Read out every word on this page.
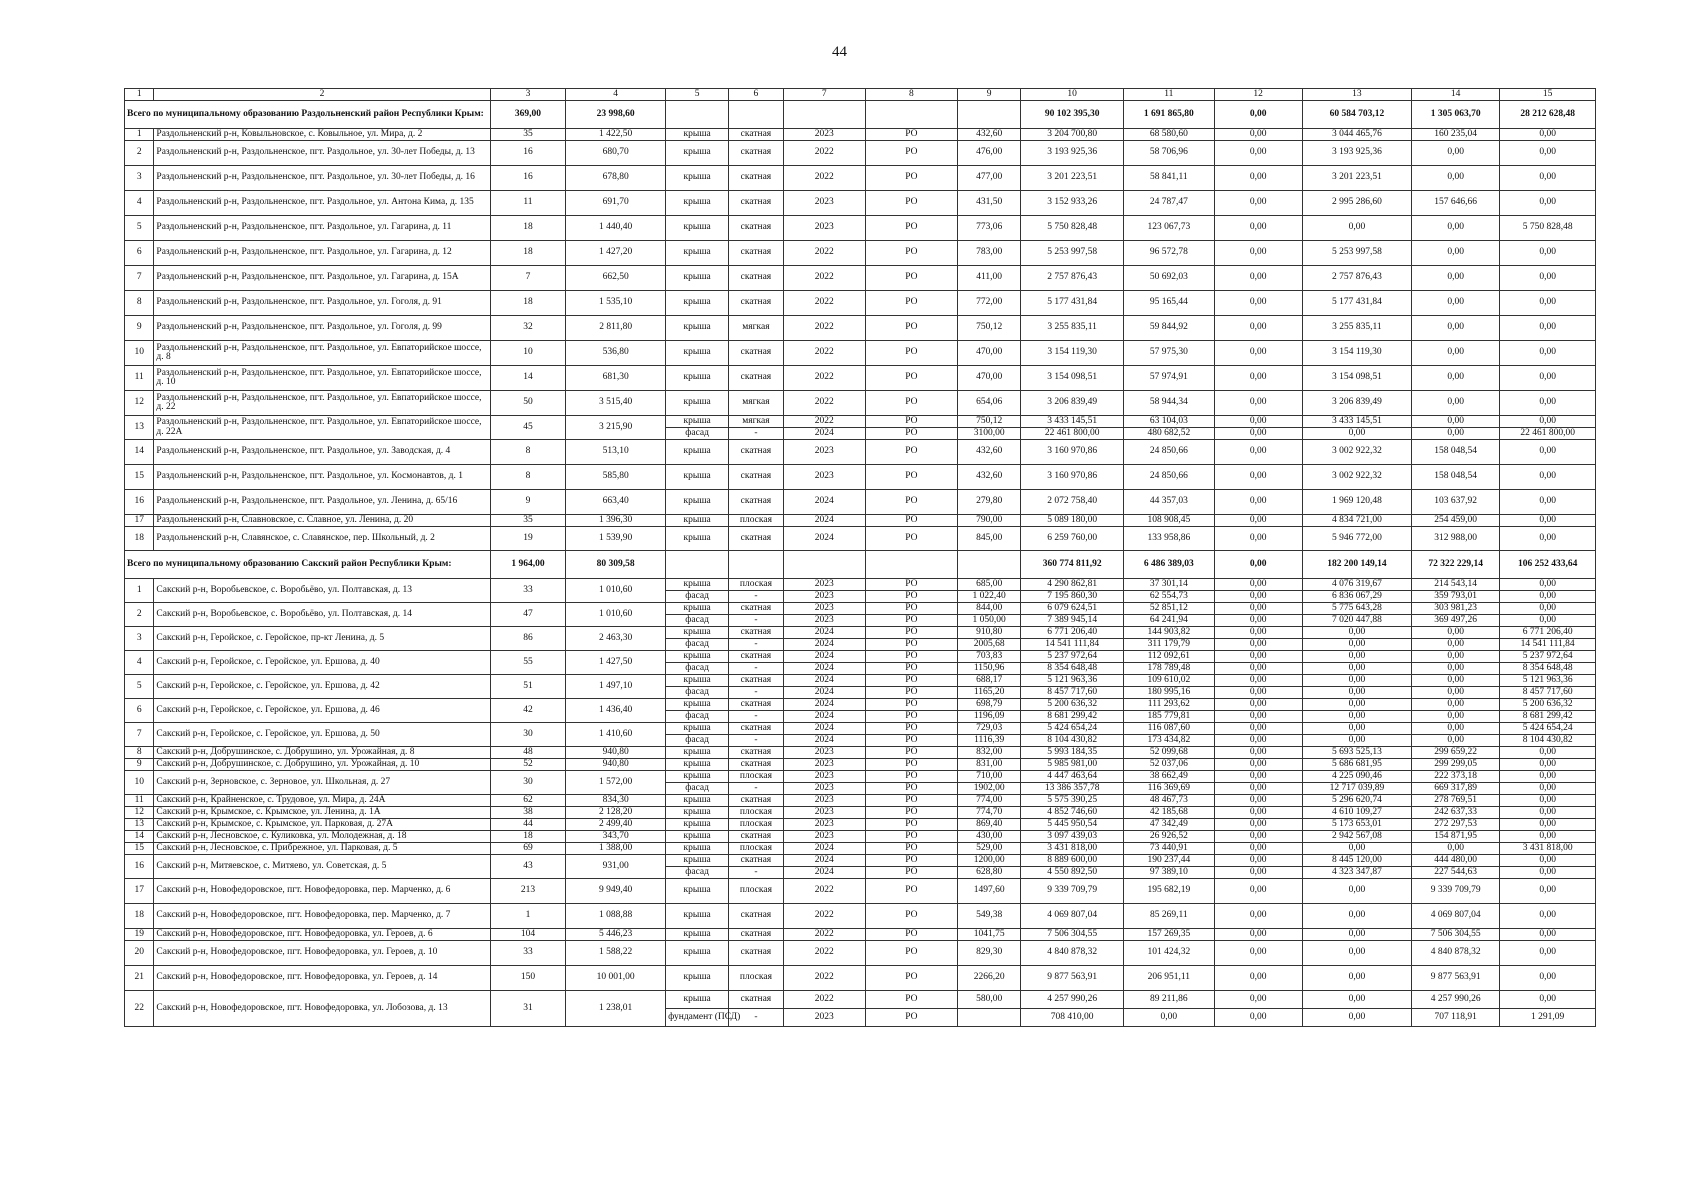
44
1	2	3	4	5	6	7	8	9	10	11	12	13	14	15
Всего по муниципальному образованию Раздольненский район Республики Крым:		369,00	23 998,60						90 102 395,30	1 691 865,80	0,00	60 584 703,12	1 305 063,70	28 212 628,48
1	Раздольненский р-н, Ковыльновское, с. Ковыльное, ул. Мира, д. 2	35	1 422,50	крыша	скатная	2023	РО	432,60	3 204 700,80	68 580,60	0,00	3 044 465,76	160 235,04	0,00
2	Раздольненский р-н, Раздольненское, пгт. Раздольное, ул. 30-лет Победы, д. 13	16	680,70	крыша	скатная	2022	РО	476,00	3 193 925,36	58 706,96	0,00	3 193 925,36	0,00	0,00
3	Раздольненский р-н, Раздольненское, пгт. Раздольное, ул. 30-лет Победы, д. 16	16	678,80	крыша	скатная	2022	РО	477,00	3 201 223,51	58 841,11	0,00	3 201 223,51	0,00	0,00
4	Раздольненский р-н, Раздольненское, пгт. Раздольное, ул. Антона Кима, д. 135	11	691,70	крыша	скатная	2023	РО	431,50	3 152 933,26	24 787,47	0,00	2 995 286,60	157 646,66	0,00
5	Раздольненский р-н, Раздольненское, пгт. Раздольное, ул. Гагарина, д. 11	18	1 440,40	крыша	скатная	2023	РО	773,06	5 750 828,48	123 067,73	0,00	0,00	0,00	5 750 828,48
6	Раздольненский р-н, Раздольненское, пгт. Раздольное, ул. Гагарина, д. 12	18	1 427,20	крыша	скатная	2022	РО	783,00	5 253 997,58	96 572,78	0,00	5 253 997,58	0,00	0,00
7	Раздольненский р-н, Раздольненское, пгт. Раздольное, ул. Гагарина, д. 15А	7	662,50	крыша	скатная	2022	РО	411,00	2 757 876,43	50 692,03	0,00	2 757 876,43	0,00	0,00
8	Раздольненский р-н, Раздольненское, пгт. Раздольное, ул. Гоголя, д. 91	18	1 535,10	крыша	скатная	2022	РО	772,00	5 177 431,84	95 165,44	0,00	5 177 431,84	0,00	0,00
9	Раздольненский р-н, Раздольненское, пгт. Раздольное, ул. Гоголя, д. 99	32	2 811,80	крыша	мягкая	2022	РО	750,12	3 255 835,11	59 844,92	0,00	3 255 835,11	0,00	0,00
10	Раздольненский р-н, Раздольненское, пгт. Раздольное, ул. Евпаторийское шоссе, д. 8	10	536,80	крыша	скатная	2022	РО	470,00	3 154 119,30	57 975,30	0,00	3 154 119,30	0,00	0,00
11	Раздольненский р-н, Раздольненское, пгт. Раздольное, ул. Евпаторийское шоссе, д. 10	14	681,30	крыша	скатная	2022	РО	470,00	3 154 098,51	57 974,91	0,00	3 154 098,51	0,00	0,00
12	Раздольненский р-н, Раздольненское, пгт. Раздольное, ул. Евпаторийское шоссе, д. 22	50	3 515,40	крыша	мягкая	2022	РО	654,06	3 206 839,49	58 944,34	0,00	3 206 839,49	0,00	0,00
13	Раздольненский р-н, Раздольненское, пгт. Раздольное, ул. Евпаторийское шоссе, д. 22А	45	3 215,90	крыша	мягкая	2022	РО	750,12	3 433 145,51	63 104,03	0,00	3 433 145,51	0,00	0,00
				фасад	-	2024	РО	3100,00	22 461 800,00	480 682,52	0,00	0,00	0,00	22 461 800,00
14	Раздольненский р-н, Раздольненское, пгт. Раздольное, ул. Заводская, д. 4	8	513,10	крыша	скатная	2023	РО	432,60	3 160 970,86	24 850,66	0,00	3 002 922,32	158 048,54	0,00
15	Раздольненский р-н, Раздольненское, пгт. Раздольное, ул. Космонавтов, д. 1	8	585,80	крыша	скатная	2023	РО	432,60	3 160 970,86	24 850,66	0,00	3 002 922,32	158 048,54	0,00
16	Раздольненский р-н, Раздольненское, пгт. Раздольное, ул. Ленина, д. 65/16	9	663,40	крыша	скатная	2024	РО	279,80	2 072 758,40	44 357,03	0,00	1 969 120,48	103 637,92	0,00
17	Раздольненский р-н, Славновское, с. Славное, ул. Ленина, д. 20	35	1 396,30	крыша	плоская	2024	РО	790,00	5 089 180,00	108 908,45	0,00	4 834 721,00	254 459,00	0,00
18	Раздольненский р-н, Славянское, с. Славянское, пер. Школьный, д. 2	19	1 539,90	крыша	скатная	2024	РО	845,00	6 259 760,00	133 958,86	0,00	5 946 772,00	312 988,00	0,00
Всего по муниципальному образованию Сакский район Республики Крым:		1 964,00	80 309,58						360 774 811,92	6 486 389,03	0,00	182 200 149,14	72 322 229,14	106 252 433,64
1	Сакский р-н, Воробьевское, с. Воробьёво, ул. Полтавская, д. 13	33	1 010,60	крыша	плоская	2023	РО	685,00	4 290 862,81	37 301,14	0,00	4 076 319,67	214 543,14	0,00
				фасад	-	2023	РО	1 022,40	7 195 860,30	62 554,73	0,00	6 836 067,29	359 793,01	0,00
2	Сакский р-н, Воробьевское, с. Воробьёво, ул. Полтавская, д. 14	47	1 010,60	крыша	скатная	2023	РО	844,00	6 079 624,51	52 851,12	0,00	5 775 643,28	303 981,23	0,00
				фасад	-	2023	РО	1 050,00	7 389 945,14	64 241,94	0,00	7 020 447,88	369 497,26	0,00
3	Сакский р-н, Геройское, с. Геройское, пр-кт Ленина, д. 5	86	2 463,30	крыша	скатная	2024	РО	910,80	6 771 206,40	144 903,82	0,00	0,00	0,00	6 771 206,40
				фасад	-	2024	РО	2005,68	14 541 111,84	311 179,79	0,00	0,00	0,00	14 541 111,84
4	Сакский р-н, Геройское, с. Геройское, ул. Ершова, д. 40	55	1 427,50	крыша	скатная	2024	РО	703,83	5 237 972,64	112 092,61	0,00	0,00	0,00	5 237 972,64
				фасад	-	2024	РО	1150,96	8 354 648,48	178 789,48	0,00	0,00	0,00	8 354 648,48
5	Сакский р-н, Геройское, с. Геройское, ул. Ершова, д. 42	51	1 497,10	крыша	скатная	2024	РО	688,17	5 121 963,36	109 610,02	0,00	0,00	0,00	5 121 963,36
				фасад	-	2024	РО	1165,20	8 457 717,60	180 995,16	0,00	0,00	0,00	8 457 717,60
6	Сакский р-н, Геройское, с. Геройское, ул. Ершова, д. 46	42	1 436,40	крыша	скатная	2024	РО	698,79	5 200 636,32	111 293,62	0,00	0,00	0,00	5 200 636,32
				фасад	-	2024	РО	1196,09	8 681 299,42	185 779,81	0,00	0,00	0,00	8 681 299,42
7	Сакский р-н, Геройское, с. Геройское, ул. Ершова, д. 50	30	1 410,60	крыша	скатная	2024	РО	729,03	5 424 654,24	116 087,60	0,00	0,00	0,00	5 424 654,24
				фасад	-	2024	РО	1116,39	8 104 430,82	173 434,82	0,00	0,00	0,00	8 104 430,82
8	Сакский р-н, Добрушинское, с. Добрушино, ул. Урожайная, д. 8	48	940,80	крыша	скатная	2023	РО	832,00	5 993 184,35	52 099,68	0,00	5 693 525,13	299 659,22	0,00
9	Сакский р-н, Добрушинское, с. Добрушино, ул. Урожайная, д. 10	52	940,80	крыша	скатная	2023	РО	831,00	5 985 981,00	52 037,06	0,00	5 686 681,95	299 299,05	0,00
10	Сакский р-н, Зерновское, с. Зерновое, ул. Школьная, д. 27	30	1 572,00	крыша	плоская	2023	РО	710,00	4 447 463,64	38 662,49	0,00	4 225 090,46	222 373,18	0,00
				фасад	-	2023	РО	1902,00	13 386 357,78	116 369,69	0,00	12 717 039,89	669 317,89	0,00
11	Сакский р-н, Крайненское, с. Трудовое, ул. Мира, д. 24А	62	834,30	крыша	скатная	2023	РО	774,00	5 575 390,25	48 467,73	0,00	5 296 620,74	278 769,51	0,00
12	Сакский р-н, Крымское, с. Крымское, ул. Ленина, д. 1А	38	2 128,20	крыша	плоская	2023	РО	774,70	4 852 746,60	42 185,68	0,00	4 610 109,27	242 637,33	0,00
13	Сакский р-н, Крымское, с. Крымское, ул. Парковая, д. 27А	44	2 499,40	крыша	плоская	2023	РО	869,40	5 445 950,54	47 342,49	0,00	5 173 653,01	272 297,53	0,00
14	Сакский р-н, Лесновское, с. Куликовка, ул. Молодежная, д. 18	18	343,70	крыша	скатная	2023	РО	430,00	3 097 439,03	26 926,52	0,00	2 942 567,08	154 871,95	0,00
15	Сакский р-н, Лесновское, с. Прибрежное, ул. Парковая, д. 5	69	1 388,00	крыша	плоская	2024	РО	529,00	3 431 818,00	73 440,91	0,00	0,00	0,00	3 431 818,00
16	Сакский р-н, Митяевское, с. Митяево, ул. Советская, д. 5	43	931,00	крыша	скатная	2024	РО	1200,00	8 889 600,00	190 237,44	0,00	8 445 120,00	444 480,00	0,00
				фасад	-	2024	РО	628,80	4 550 892,50	97 389,10	0,00	4 323 347,87	227 544,63	0,00
17	Сакский р-н, Новофедоровское, пгт. Новофедоровка, пер. Марченко, д. 6	213	9 949,40	крыша	плоская	2022	РО	1497,60	9 339 709,79	195 682,19	0,00	0,00	9 339 709,79	0,00
18	Сакский р-н, Новофедоровское, пгт. Новофедоровка, пер. Марченко, д. 7	1	1 088,88	крыша	скатная	2022	РО	549,38	4 069 807,04	85 269,11	0,00	0,00	4 069 807,04	0,00
19	Сакский р-н, Новофедоровское, пгт. Новофедоровка, ул. Героев, д. 6	104	5 446,23	крыша	скатная	2022	РО	1041,75	7 506 304,55	157 269,35	0,00	0,00	7 506 304,55	0,00
20	Сакский р-н, Новофедоровское, пгт. Новофедоровка, ул. Героев, д. 10	33	1 588,22	крыша	скатная	2022	РО	829,30	4 840 878,32	101 424,32	0,00	0,00	4 840 878,32	0,00
21	Сакский р-н, Новофедоровское, пгт. Новофедоровка, ул. Героев, д. 14	150	10 001,00	крыша	плоская	2022	РО	2266,20	9 877 563,91	206 951,11	0,00	0,00	9 877 563,91	0,00
22	Сакский р-н, Новофедоровское, пгт. Новофедоровка, ул. Лобозова, д. 13	31	1 238,01	крыша	скатная	2022	РО	580,00	4 257 990,26	89 211,86	0,00	0,00	4 257 990,26	0,00
				фундамент (ПСД)	-	2023	РО		708 410,00	0,00	0,00	0,00	707 118,91	1 291,09
